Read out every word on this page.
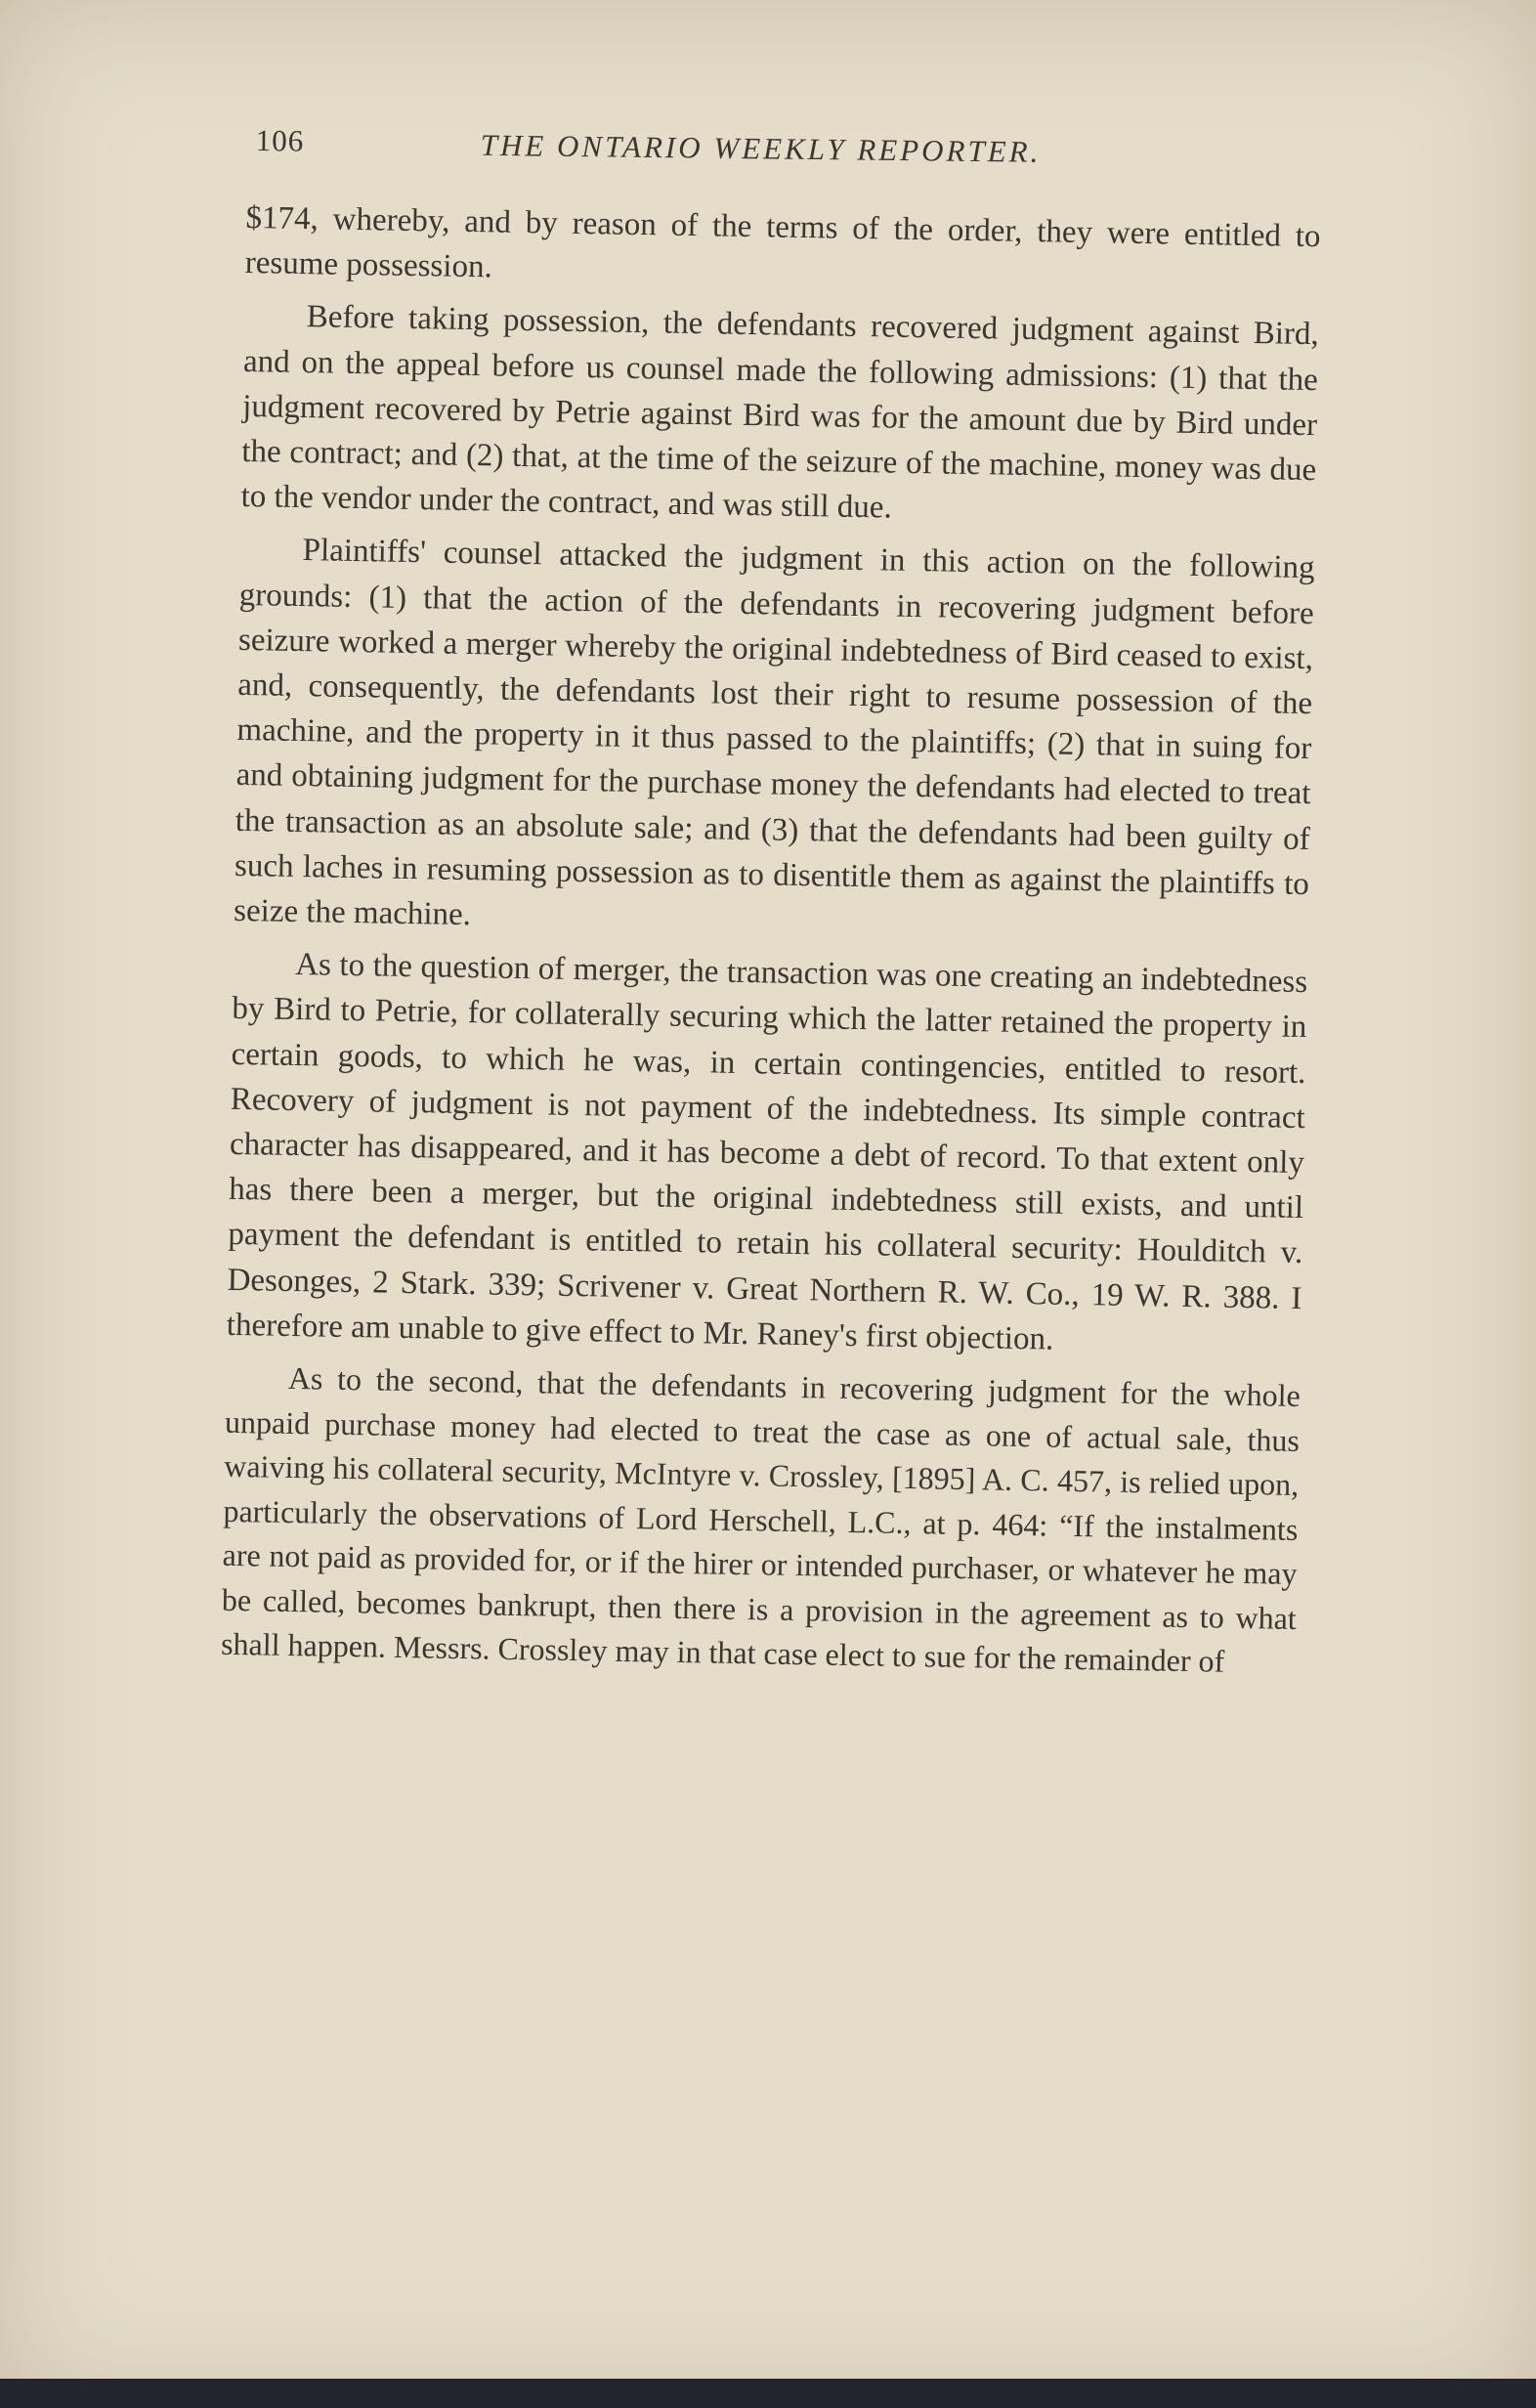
106	THE ONTARIO WEEKLY REPORTER.

$174, whereby, and by reason of the terms of the order, they were entitled to resume possession.

Before taking possession, the defendants recovered judgment against Bird, and on the appeal before us counsel made the following admissions: (1) that the judgment recovered by Petrie against Bird was for the amount due by Bird under the contract; and (2) that, at the time of the seizure of the machine, money was due to the vendor under the contract, and was still due.

Plaintiffs' counsel attacked the judgment in this action on the following grounds: (1) that the action of the defendants in recovering judgment before seizure worked a merger whereby the original indebtedness of Bird ceased to exist, and, consequently, the defendants lost their right to resume possession of the machine, and the property in it thus passed to the plaintiffs; (2) that in suing for and obtaining judgment for the purchase money the defendants had elected to treat the transaction as an absolute sale; and (3) that the defendants had been guilty of such laches in resuming possession as to disentitle them as against the plaintiffs to seize the machine.

As to the question of merger, the transaction was one creating an indebtedness by Bird to Petrie, for collaterally securing which the latter retained the property in certain goods, to which he was, in certain contingencies, entitled to resort. Recovery of judgment is not payment of the indebtedness. Its simple contract character has disappeared, and it has become a debt of record. To that extent only has there been a merger, but the original indebtedness still exists, and until payment the defendant is entitled to retain his collateral security: Houlditch v. Desonges, 2 Stark. 339; Scrivener v. Great Northern R. W. Co., 19 W. R. 388. I therefore am unable to give effect to Mr. Raney's first objection.

As to the second, that the defendants in recovering judgment for the whole unpaid purchase money had elected to treat the case as one of actual sale, thus waiving his collateral security, McIntyre v. Crossley, [1895] A. C. 457, is relied upon, particularly the observations of Lord Herschell, L.C., at p. 464: “If the instalments are not paid as provided for, or if the hirer or intended purchaser, or whatever he may be called, becomes bankrupt, then there is a provision in the agreement as to what shall happen. Messrs. Crossley may in that case elect to sue for the remainder of
